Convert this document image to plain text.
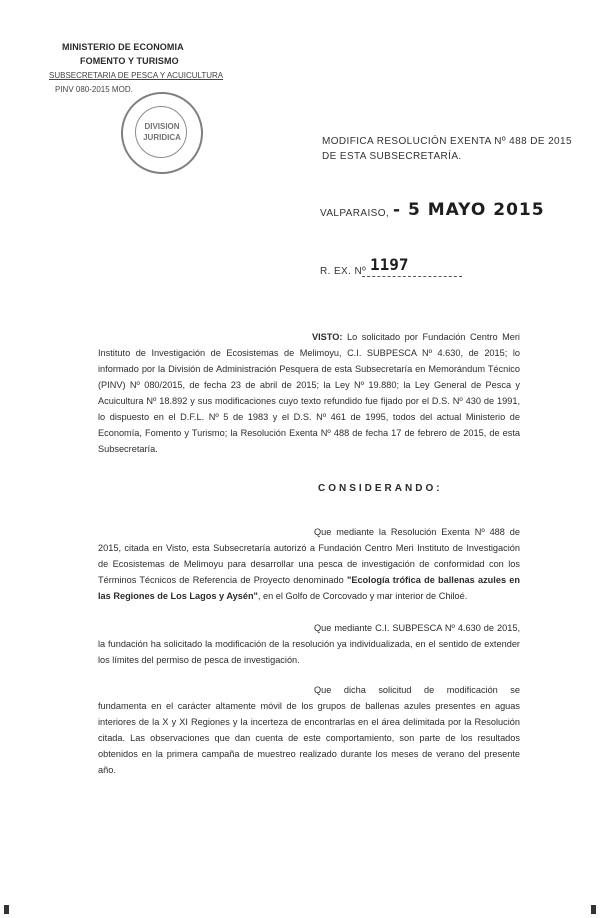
MINISTERIO DE ECONOMIA
FOMENTO Y TURISMO
SUBSECRETARIA DE PESCA Y ACUICULTURA
PINV 080-2015 MOD.
DIVISION
JURIDICA	MODIFICA RESOLUCIÓN EXENTA Nº 488 DE 2015
DE ESTA SUBSECRETARÍA.
VALPARAISO, - 5 MAYO 2015
R. EX. Nº 1197
VISTO: Lo solicitado por Fundación Centro Meri Instituto de Investigación de Ecosistemas de Melimoyu, C.I. SUBPESCA Nº 4.630, de 2015; lo informado por la División de Administración Pesquera de esta Subsecretaría en Memorándum Técnico (PINV) Nº 080/2015, de fecha 23 de abril de 2015; la Ley Nº 19.880; la Ley General de Pesca y Acuicultura Nº 18.892 y sus modificaciones cuyo texto refundido fue fijado por el D.S. Nº 430 de 1991, lo dispuesto en el D.F.L. Nº 5 de 1983 y el D.S. Nº 461 de 1995, todos del actual Ministerio de Economía, Fomento y Turismo; la Resolución Exenta Nº 488 de fecha 17 de febrero de 2015, de esta Subsecretaría.
CONSIDERANDO:
Que mediante la Resolución Exenta Nº 488 de 2015, citada en Visto, esta Subsecretaría autorizó a Fundación Centro Meri Instituto de Investigación de Ecosistemas de Melimoyu para desarrollar una pesca de investigación de conformidad con los Términos Técnicos de Referencia de Proyecto denominado "Ecología trófica de ballenas azules en las Regiones de Los Lagos y Aysén", en el Golfo de Corcovado y mar interior de Chiloé.
Que mediante C.I. SUBPESCA Nº 4.630 de 2015, la fundación ha solicitado la modificación de la resolución ya individualizada, en el sentido de extender los límites del permiso de pesca de investigación.
Que dicha solicitud de modificación se fundamenta en el carácter altamente móvil de los grupos de ballenas azules presentes en aguas interiores de la X y XI Regiones y la incerteza de encontrarlas en el área delimitada por la Resolución citada. Las observaciones que dan cuenta de este comportamiento, son parte de los resultados obtenidos en la primera campaña de muestreo realizado durante los meses de verano del presente año.
